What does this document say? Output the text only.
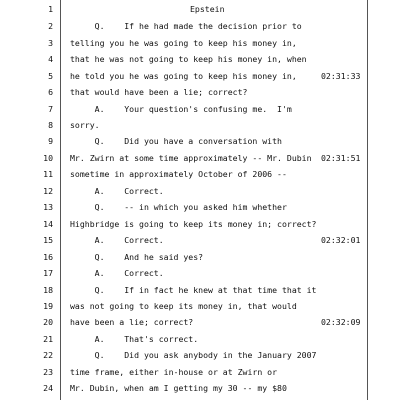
1	Epstein
2 Q.    If he had made the decision prior to
3 telling you he was going to keep his money in,
4 that he was not going to keep his money in, when
5 he told you he was going to keep his money in,	02:31:33
6 that would have been a lie; correct?
7 A.    Your question's confusing me.  I'm
8 sorry.
9 Q.    Did you have a conversation with
10 Mr. Zwirn at some time approximately -- Mr. Dubin 02:31:51
11 sometime in approximately October of 2006 --
12 A.    Correct.
13 Q.    -- in which you asked him whether
14 Highbridge is going to keep its money in; correct?
15 A.    Correct.	02:32:01
16 Q.    And he said yes?
17 A.    Correct.
18 Q.    If in fact he knew at that time that it
19 was not going to keep its money in, that would
20 have been a lie; correct?	02:32:09
21 A.    That's correct.
22 Q.    Did you ask anybody in the January 2007
23 time frame, either in-house or at Zwirn or
24 Mr. Dubin, when am I getting my 30 -- my $80
